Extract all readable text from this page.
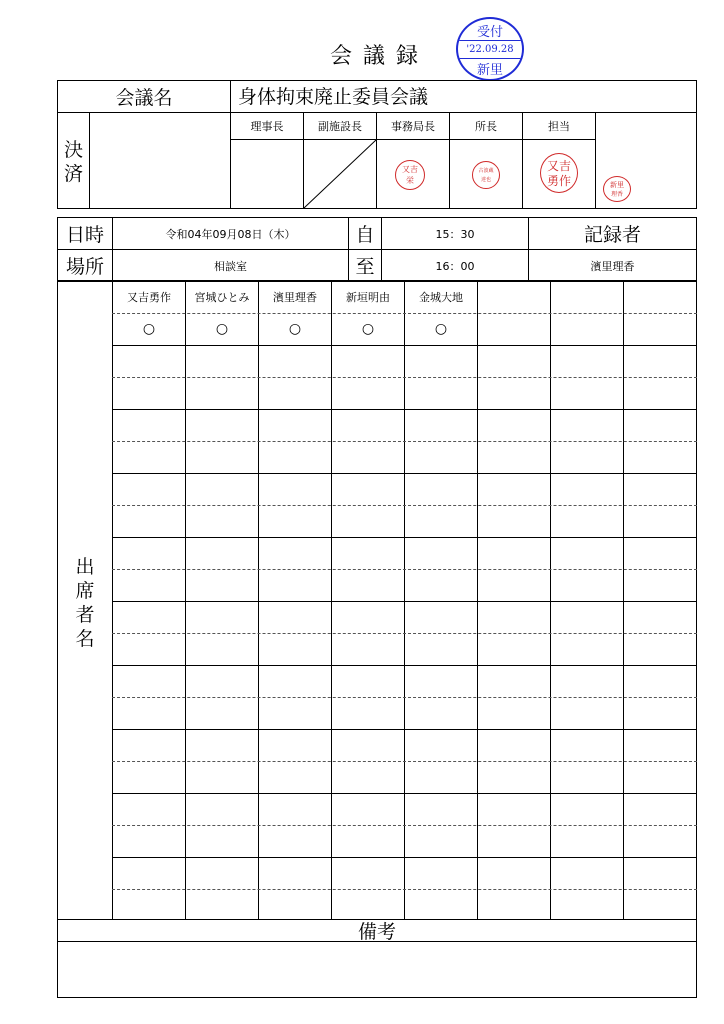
会 議 録
受付
'22.09.28
新里
会議名	身体拘束廃止委員会議
決
済
理事長	副施設長	事務局長	所長	担当
又吉
栄
古波蔵
達也
又吉
勇作	新里
理香
日時	令和04年09月08日（木）	自	15：30	記録者
場所	相談室	至	16：00	濱里理香
出
席
者
名
又吉勇作	宮城ひとみ	濱里理香	新垣明由	金城大地
○	○	○	○	○
備考
